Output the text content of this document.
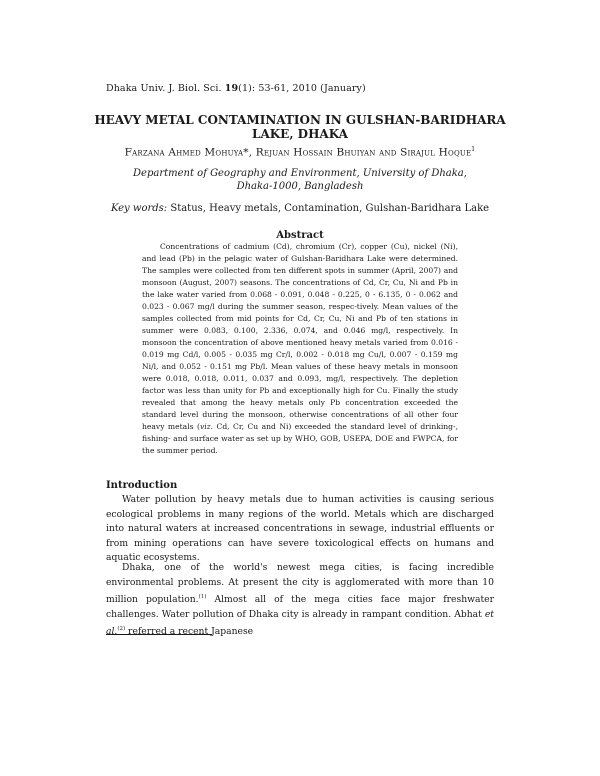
Dhaka Univ. J. Biol. Sci. 19(1): 53‑61, 2010 (January)
HEAVY METAL CONTAMINATION IN GULSHAN-BARIDHARA
LAKE, DHAKA
Farzana Ahmed Mohuya*, Rejuan Hossain Bhuiyan and Sirajul Hoque$^1$
Department of Geography and Environment, University of Dhaka,
Dhaka-1000, Bangladesh
Key words: Status, Heavy metals, Contamination, Gulshan-Baridhara Lake
Abstract

Concentrations of cadmium (Cd), chromium (Cr), copper (Cu), nickel (Ni), and lead (Pb) in the pelagic water of Gulshan-Baridhara Lake were determined. The samples were collected from ten different spots in summer (April, 2007) and monsoon (August, 2007) seasons. The concentrations of Cd, Cr, Cu, Ni and Pb in the lake water varied from 0.068 - 0.091, 0.048 - 0.225, 0 - 6.135, 0 - 0.062 and 0.023 - 0.067 mg/l during the summer season, respec-tively. Mean values of the samples collected from mid points for Cd, Cr, Cu, Ni and Pb of ten stations in summer were 0.083, 0.100, 2.336, 0.074, and 0.046 mg/l, respectively. In monsoon the concentration of above mentioned heavy metals varied from 0.016 - 0.019 mg Cd/l, 0.005 - 0.035 mg Cr/l, 0.002 - 0.018 mg Cu/l, 0.007 - 0.159 mg Ni/l, and 0.052 - 0.151 mg Pb/l. Mean values of these heavy metals in monsoon were 0.018, 0.018, 0.011, 0.037 and 0.093, mg/l, respectively. The depletion factor was less than unity for Pb and exceptionally high for Cu. Finally the study revealed that among the heavy metals only Pb concentration exceeded the standard level during the monsoon, otherwise concentrations of all other four heavy metals (viz. Cd, Cr, Cu and Ni) exceeded the standard level of drinking-, fishing- and surface water as set up by WHO, GOB, USEPA, DOE and FWPCA, for the summer period.

Introduction

Water pollution by heavy metals due to human activities is causing serious ecological problems in many regions of the world. Metals which are discharged into natural waters at increased concentrations in sewage, industrial effluents or from mining operations can have severe toxicological effects on humans and aquatic ecosystems.

Dhaka, one of the world's newest mega cities, is facing incredible environmental problems. At present the city is agglomerated with more than 10 million population.$^{(1)}$ Almost all of the mega cities face major freshwater challenges. Water pollution of Dhaka city is already in rampant condition. Abhat et al.$^{(2)}$ referred a recent Japanese
